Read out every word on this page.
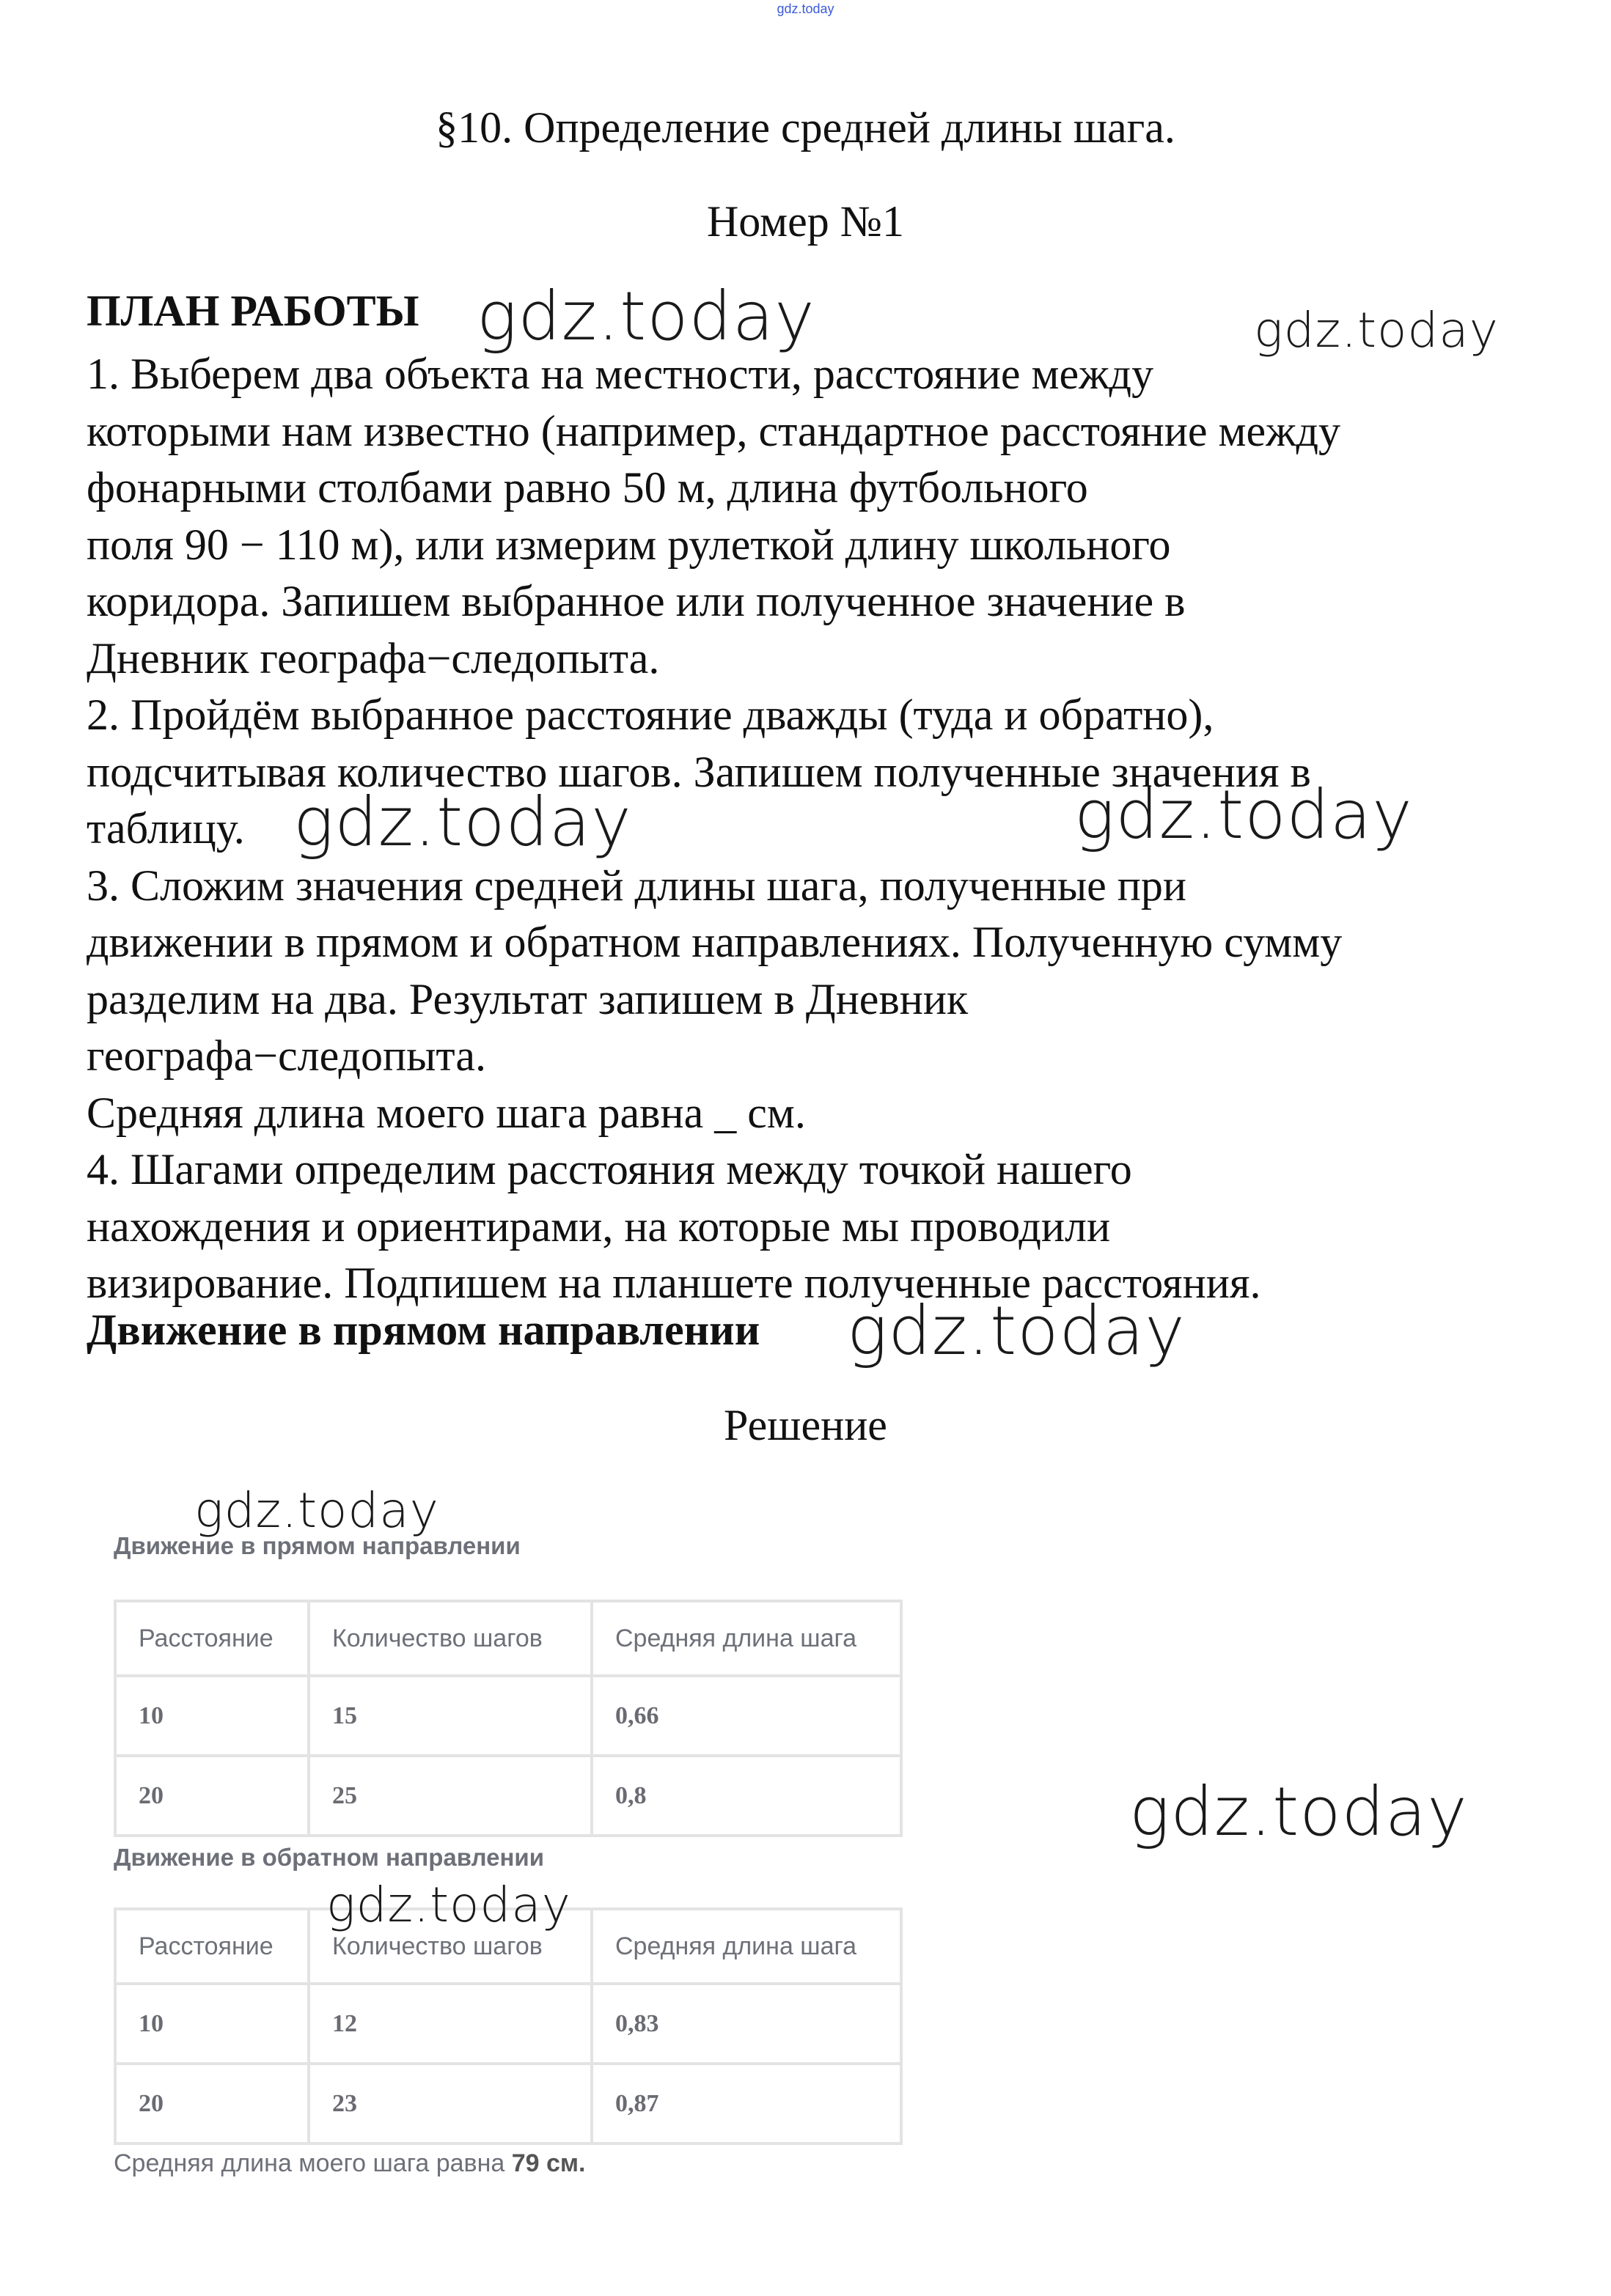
gdz.today
§10. Определение средней длины шага.
Номер №1
ПЛАН РАБОТЫ

1. Выберем два объекта на местности, расстояние между

которыми нам известно (например, стандартное расстояние между

фонарными столбами равно 50 м, длина футбольного

поля 90 − 110 м), или измерим рулеткой длину школьного

коридора. Запишем выбранное или полученное значение в

Дневник географа−следопыта.

2. Пройдём выбранное расстояние дважды (туда и обратно),

подсчитывая количество шагов. Запишем полученные значения в

таблицу.

3. Сложим значения средней длины шага, полученные при

движении в прямом и обратном направлениях. Полученную сумму

разделим на два. Результат запишем в Дневник

географа−следопыта.

Средняя длина моего шага равна _ см.

4. Шагами определим расстояния между точкой нашего

нахождения и ориентирами, на которые мы проводили

визирование. Подпишем на планшете полученные расстояния.

Движение в прямом направлении
Решение
Движение в прямом направлении
Расстояние	Количество шагов	Средняя длина шага
10	15	0,66
20	25	0,8
Движение в обратном направлении
Расстояние	Количество шагов	Средняя длина шага
10	12	0,83
20	23	0,87
Средняя длина моего шага равна 79 см.
gdz.today	gdz.today
gdz.today	gdz.today
gdz.today
gdz.today
gdz.today
gdz.today
